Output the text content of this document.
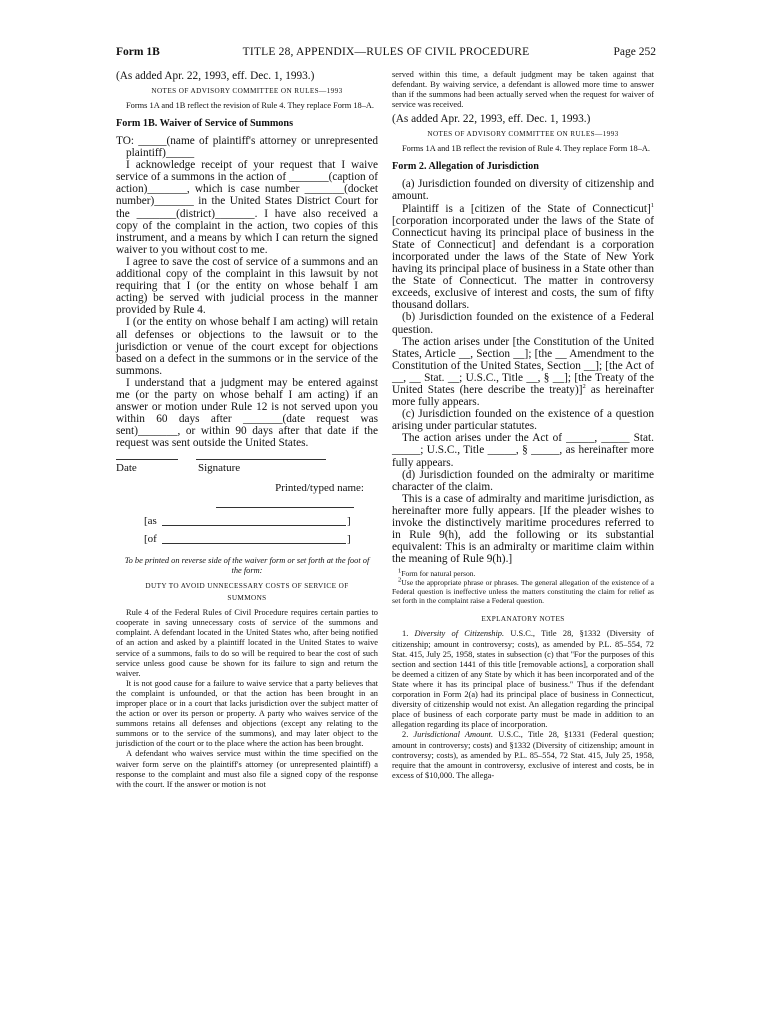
Form 1B	TITLE 28, APPENDIX—RULES OF CIVIL PROCEDURE	Page 252

(As added Apr. 22, 1993, eff. Dec. 1, 1993.)

NOTES OF ADVISORY COMMITTEE ON RULES—1993

Forms 1A and 1B reflect the revision of Rule 4. They replace Form 18–A.

Form 1B. Waiver of Service of Summons

TO: _____(name of plaintiff's attorney or unrepresented plaintiff)_____

I acknowledge receipt of your request that I waive service of a summons in the action of _______(caption of action)_______, which is case number _______(docket number)_______ in the United States District Court for the _______(district)_______. I have also received a copy of the complaint in the action, two copies of this instrument, and a means by which I can return the signed waiver to you without cost to me.

I agree to save the cost of service of a summons and an additional copy of the complaint in this lawsuit by not requiring that I (or the entity on whose behalf I am acting) be served with judicial process in the manner provided by Rule 4.

I (or the entity on whose behalf I am acting) will retain all defenses or objections to the lawsuit or to the jurisdiction or venue of the court except for objections based on a defect in the summons or in the service of the summons.

I understand that a judgment may be entered against me (or the party on whose behalf I am acting) if an answer or motion under Rule 12 is not served upon you within 60 days after _______(date request was sent)_______, or within 90 days after that date if the request was sent outside the United States.

Date	Signature
Printed/typed name:
[as	]
[of	]
To be printed on reverse side of the waiver form or set forth at the foot of the form:
DUTY TO AVOID UNNECESSARY COSTS OF SERVICE OF SUMMONS

Rule 4 of the Federal Rules of Civil Procedure requires certain parties to cooperate in saving unnecessary costs of service of the summons and complaint. A defendant located in the United States who, after being notified of an action and asked by a plaintiff located in the United States to waive service of a summons, fails to do so will be required to bear the cost of such service unless good cause be shown for its failure to sign and return the waiver.

It is not good cause for a failure to waive service that a party believes that the complaint is unfounded, or that the action has been brought in an improper place or in a court that lacks jurisdiction over the subject matter of the action or over its person or property. A party who waives service of the summons retains all defenses and objections (except any relating to the summons or to the service of the summons), and may later object to the jurisdiction of the court or to the place where the action has been brought.

A defendant who waives service must within the time specified on the waiver form serve on the plaintiff's attorney (or unrepresented plaintiff) a response to the complaint and must also file a signed copy of the response with the court. If the answer or motion is not

served within this time, a default judgment may be taken against that defendant. By waiving service, a defendant is allowed more time to answer than if the summons had been actually served when the request for waiver of service was received.

(As added Apr. 22, 1993, eff. Dec. 1, 1993.)

NOTES OF ADVISORY COMMITTEE ON RULES—1993

Forms 1A and 1B reflect the revision of Rule 4. They replace Form 18–A.

Form 2. Allegation of Jurisdiction

(a) Jurisdiction founded on diversity of citizenship and amount.

Plaintiff is a [citizen of the State of Connecticut]$^1$ [corporation incorporated under the laws of the State of Connecticut having its principal place of business in the State of Connecticut] and defendant is a corporation incorporated under the laws of the State of New York having its principal place of business in a State other than the State of Connecticut. The matter in controversy exceeds, exclusive of interest and costs, the sum of fifty thousand dollars.

(b) Jurisdiction founded on the existence of a Federal question.

The action arises under [the Constitution of the United States, Article __, Section __]; [the __ Amendment to the Constitution of the United States, Section __]; [the Act of __, __ Stat. __; U.S.C., Title __, § __]; [the Treaty of the United States (here describe the treaty)]$^2$ as hereinafter more fully appears.

(c) Jurisdiction founded on the existence of a question arising under particular statutes.

The action arises under the Act of _____, _____ Stat. _____; U.S.C., Title _____, § _____, as hereinafter more fully appears.

(d) Jurisdiction founded on the admiralty or maritime character of the claim.

This is a case of admiralty and maritime jurisdiction, as hereinafter more fully appears. [If the pleader wishes to invoke the distinctively maritime procedures referred to in Rule 9(h), add the following or its substantial equivalent: This is an admiralty or maritime claim within the meaning of Rule 9(h).]

$^1$Form for natural person.

$^2$Use the appropriate phrase or phrases. The general allegation of the existence of a Federal question is ineffective unless the matters constituting the claim for relief as set forth in the complaint raise a Federal question.

EXPLANATORY NOTES

1. Diversity of Citizenship. U.S.C., Title 28, §1332 (Diversity of citizenship; amount in controversy; costs), as amended by P.L. 85–554, 72 Stat. 415, July 25, 1958, states in subsection (c) that ''For the purposes of this section and section 1441 of this title [removable actions], a corporation shall be deemed a citizen of any State by which it has been incorporated and of the State where it has its principal place of business.'' Thus if the defendant corporation in Form 2(a) had its principal place of business in Connecticut, diversity of citizenship would not exist. An allegation regarding the principal place of business of each corporate party must be made in addition to an allegation regarding its place of incorporation.

2. Jurisdictional Amount. U.S.C., Title 28, §1331 (Federal question; amount in controversy; costs) and §1332 (Diversity of citizenship; amount in controversy; costs), as amended by P.L. 85–554, 72 Stat. 415, July 25, 1958, require that the amount in controversy, exclusive of interest and costs, be in excess of $10,000. The allega-
